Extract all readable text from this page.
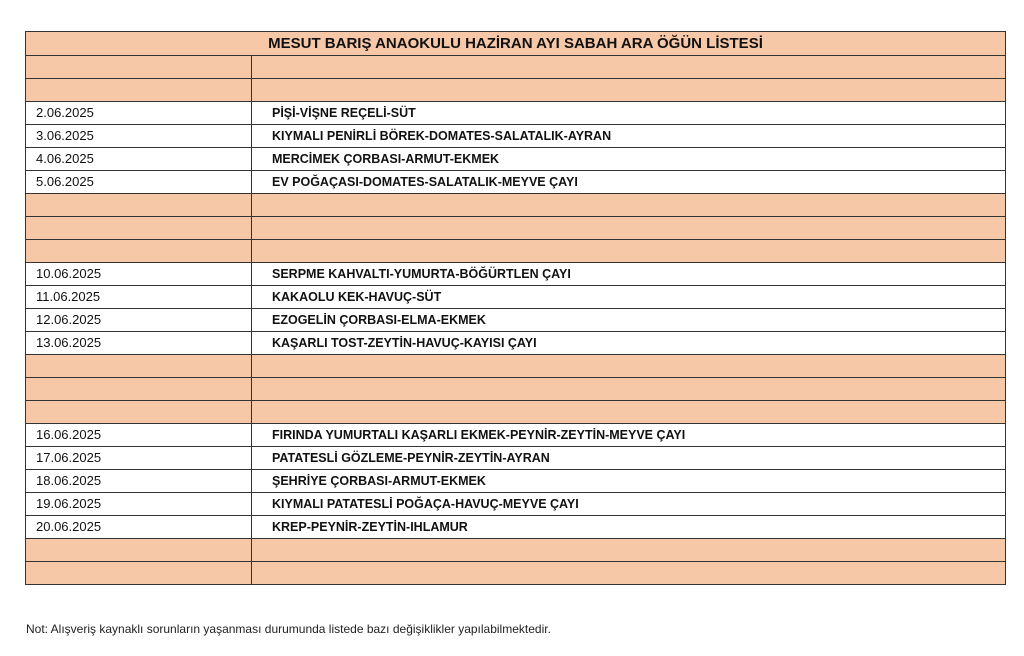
MESUT BARIŞ ANAOKULU HAZİRAN AYI SABAH ARA ÖĞÜN LİSTESİ	

2.06.2025	PİŞİ-VİŞNE REÇELİ-SÜT
3.06.2025	KIYMALI PENİRLİ BÖREK-DOMATES-SALATALIK-AYRAN
4.06.2025	MERCİMEK ÇORBASI-ARMUT-EKMEK
5.06.2025	EV POĞAÇASI-DOMATES-SALATALIK-MEYVE ÇAYI

10.06.2025	SERPME KAHVALTI-YUMURTA-BÖĞÜRTLEN ÇAYI
11.06.2025	KAKAOLU KEK-HAVUÇ-SÜT
12.06.2025	EZOGELİN ÇORBASI-ELMA-EKMEK
13.06.2025	KAŞARLI TOST-ZEYTİN-HAVUÇ-KAYISI ÇAYI

16.06.2025	FIRINDA YUMURTALI KAŞARLI EKMEK-PEYNİR-ZEYTİN-MEYVE ÇAYI
17.06.2025	PATATESLİ GÖZLEME-PEYNİR-ZEYTİN-AYRAN
18.06.2025	ŞEHRİYE ÇORBASI-ARMUT-EKMEK
19.06.2025	KIYMALI PATATESLİ POĞAÇA-HAVUÇ-MEYVE ÇAYI
20.06.2025	KREP-PEYNİR-ZEYTİN-IHLAMUR

Not: Alışveriş kaynaklı sorunların yaşanması durumunda listede bazı değişiklikler yapılabilmektedir.
